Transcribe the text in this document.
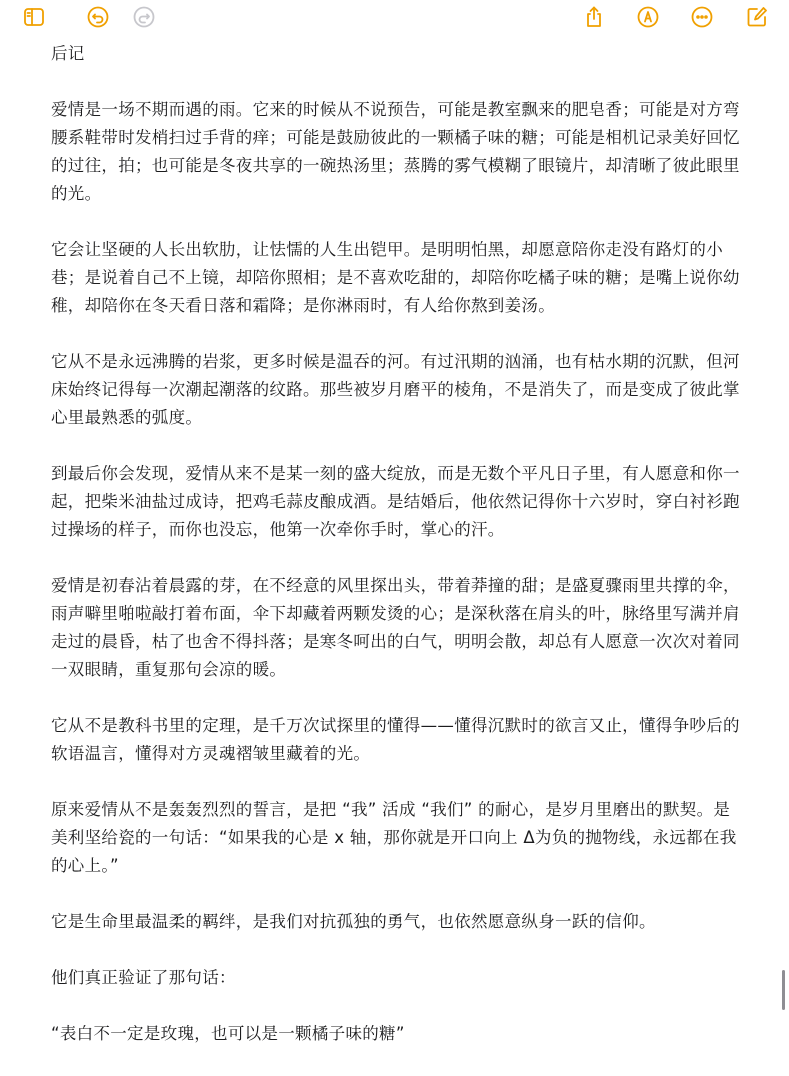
后记

爱情是一场不期而遇的雨。它来的时候从不说预告，可能是教室飘来的肥皂香；可能是对方弯腰系鞋带时发梢扫过手背的痒；可能是鼓励彼此的一颗橘子味的糖；可能是相机记录美好回忆的过往，拍；也可能是冬夜共享的一碗热汤里；蒸腾的雾气模糊了眼镜片，却清晰了彼此眼里的光。

它会让坚硬的人长出软肋，让怯懦的人生出铠甲。是明明怕黑，却愿意陪你走没有路灯的小巷；是说着自己不上镜，却陪你照相；是不喜欢吃甜的，却陪你吃橘子味的糖；是嘴上说你幼稚，却陪你在冬天看日落和霜降；是你淋雨时，有人给你熬到姜汤。

它从不是永远沸腾的岩浆，更多时候是温吞的河。有过汛期的汹涌，也有枯水期的沉默，但河床始终记得每一次潮起潮落的纹路。那些被岁月磨平的棱角，不是消失了，而是变成了彼此掌心里最熟悉的弧度。

到最后你会发现，爱情从来不是某一刻的盛大绽放，而是无数个平凡日子里，有人愿意和你一起，把柴米油盐过成诗，把鸡毛蒜皮酿成酒。是结婚后，他依然记得你十六岁时，穿白衬衫跑过操场的样子，而你也没忘，他第一次牵你手时，掌心的汗。

爱情是初春沾着晨露的芽，在不经意的风里探出头，带着莽撞的甜；是盛夏骤雨里共撑的伞，雨声噼里啪啦敲打着布面，伞下却藏着两颗发烫的心；是深秋落在肩头的叶，脉络里写满并肩走过的晨昏，枯了也舍不得抖落；是寒冬呵出的白气，明明会散，却总有人愿意一次次对着同一双眼睛，重复那句会凉的暖。

它从不是教科书里的定理，是千万次试探里的懂得——懂得沉默时的欲言又止，懂得争吵后的软语温言，懂得对方灵魂褶皱里藏着的光。

原来爱情从不是轰轰烈烈的誓言，是把 “我” 活成 “我们” 的耐心，是岁月里磨出的默契。是美利坚给瓷的一句话：“如果我的心是 x 轴，那你就是开口向上 Δ为负的抛物线，永远都在我的心上。”

它是生命里最温柔的羁绊，是我们对抗孤独的勇气，也依然愿意纵身一跃的信仰。

他们真正验证了那句话：

“表白不一定是玫瑰，也可以是一颗橘子味的糖”
